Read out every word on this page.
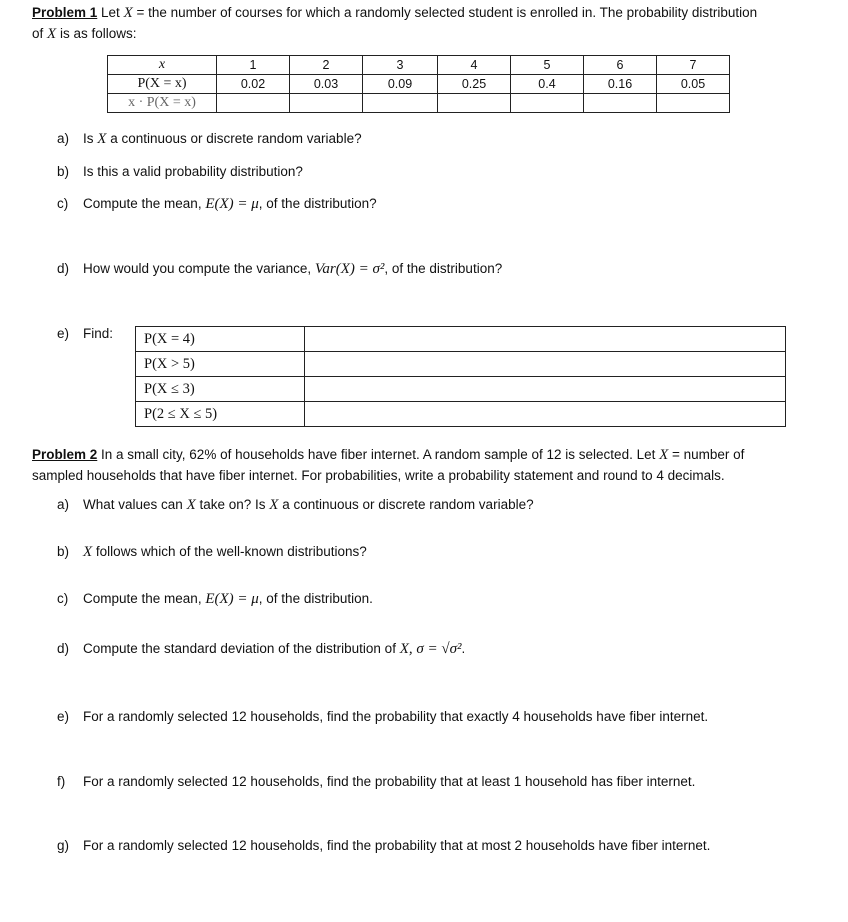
Problem 1 Let X = the number of courses for which a randomly selected student is enrolled in. The probability distribution
of X is as follows:
x	1	2	3	4	5	6	7
P(X = x)	0.02	0.03	0.09	0.25	0.4	0.16	0.05
x · P(X = x)							
a) Is X a continuous or discrete random variable?
b) Is this a valid probability distribution?
c) Compute the mean, E(X) = μ, of the distribution?
d) How would you compute the variance, Var(X) = σ², of the distribution?
e) Find: P(X = 4)	
P(X > 5)	
P(X ≤ 3)	
P(2 ≤ X ≤ 5)	
Problem 2 In a small city, 62% of households have fiber internet. A random sample of 12 is selected. Let X = number of
sampled households that have fiber internet. For probabilities, write a probability statement and round to 4 decimals.
a) What values can X take on? Is X a continuous or discrete random variable?
b) X follows which of the well-known distributions?
c) Compute the mean, E(X) = μ, of the distribution.
d) Compute the standard deviation of the distribution of X, σ = √σ².
e) For a randomly selected 12 households, find the probability that exactly 4 households have fiber internet.
f) For a randomly selected 12 households, find the probability that at least 1 household has fiber internet.
g) For a randomly selected 12 households, find the probability that at most 2 households have fiber internet.
